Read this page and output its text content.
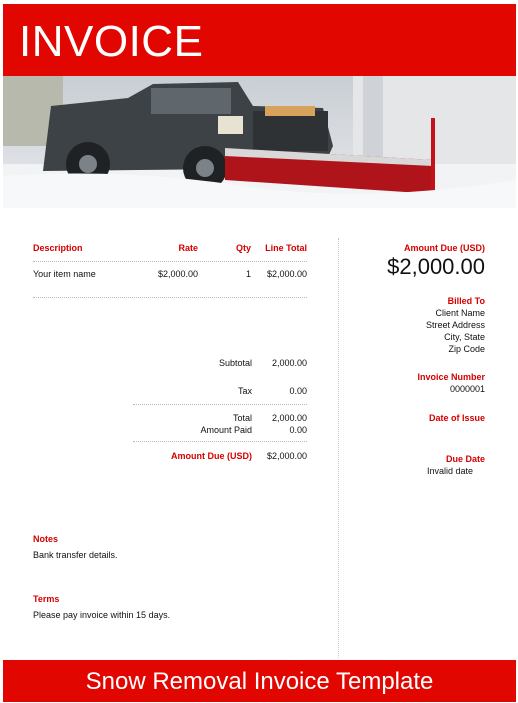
INVOICE
Description	Rate	Qty	Line Total
Your item name	$2,000.00	1	$2,000.00
Subtotal	2,000.00
Tax	0.00
Total	2,000.00
Amount Paid	0.00
Amount Due (USD)	$2,000.00
Notes
Bank transfer details.
Terms
Please pay invoice within 15 days.
Amount Due (USD)
$2,000.00
Billed To
Client Name
Street Address
City, State
Zip Code
Invoice Number
0000001
Date of Issue
Due Date
Invalid date
Snow Removal Invoice Template
